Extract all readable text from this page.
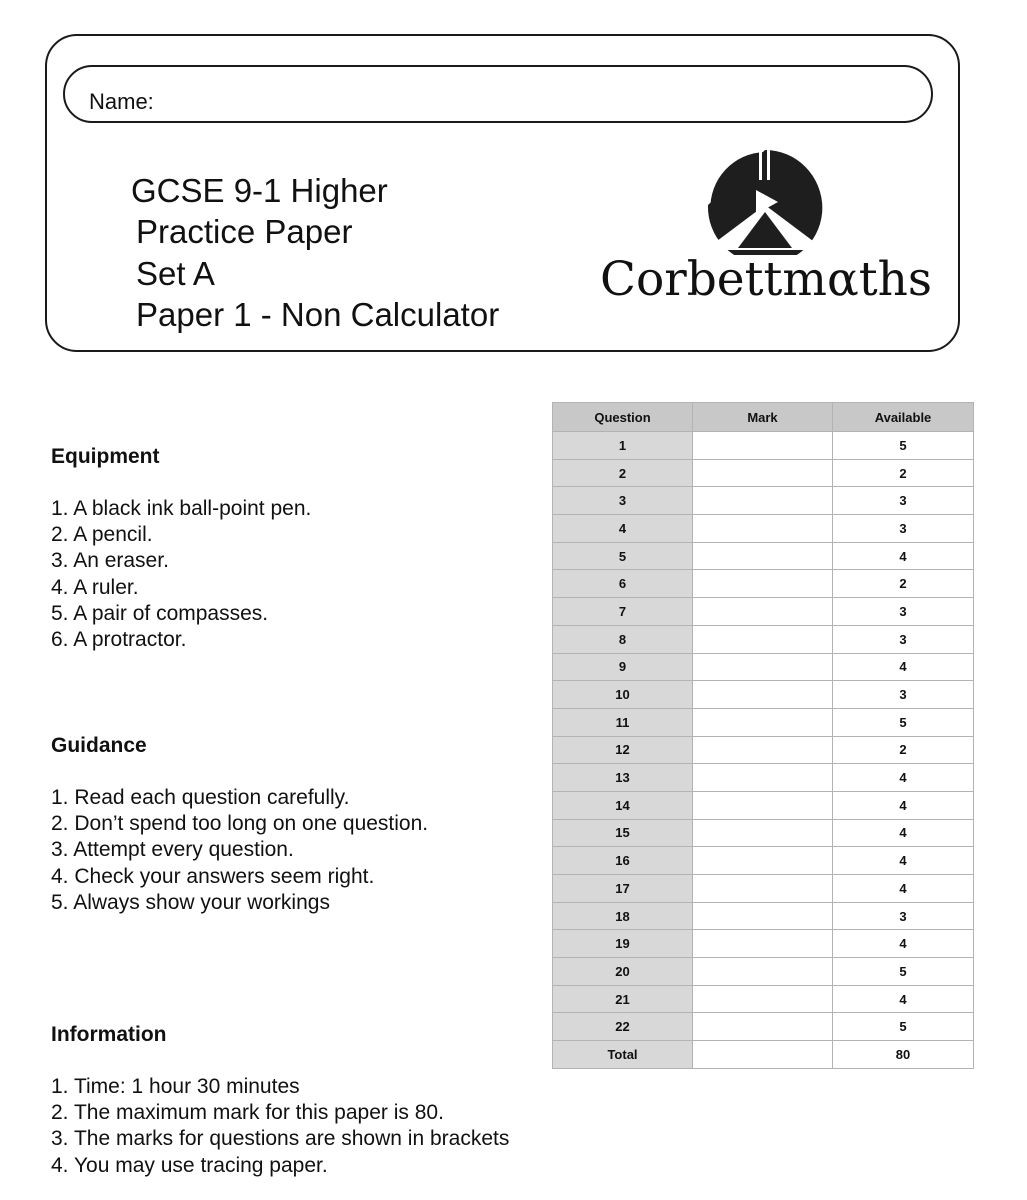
Name:
GCSE 9-1 Higher
Practice Paper
Set A
Paper 1 - Non Calculator
Corbettmαths
Equipment
1. A black ink ball-point pen.
2. A pencil.
3. An eraser.
4. A ruler.
5. A pair of compasses.
6. A protractor.
Guidance
1. Read each question carefully.
2. Don’t spend too long on one question.
3. Attempt every question.
4. Check your answers seem right.
5. Always show your workings
Information
1. Time: 1 hour 30 minutes
2. The maximum mark for this paper is 80.
3. The marks for questions are shown in brackets
4. You may use tracing paper.
Question	Mark	Available
1		5
2		2
3		3
4		3
5		4
6		2
7		3
8		3
9		4
10		3
11		5
12		2
13		4
14		4
15		4
16		4
17		4
18		3
19		4
20		5
21		4
22		5
Total		80
